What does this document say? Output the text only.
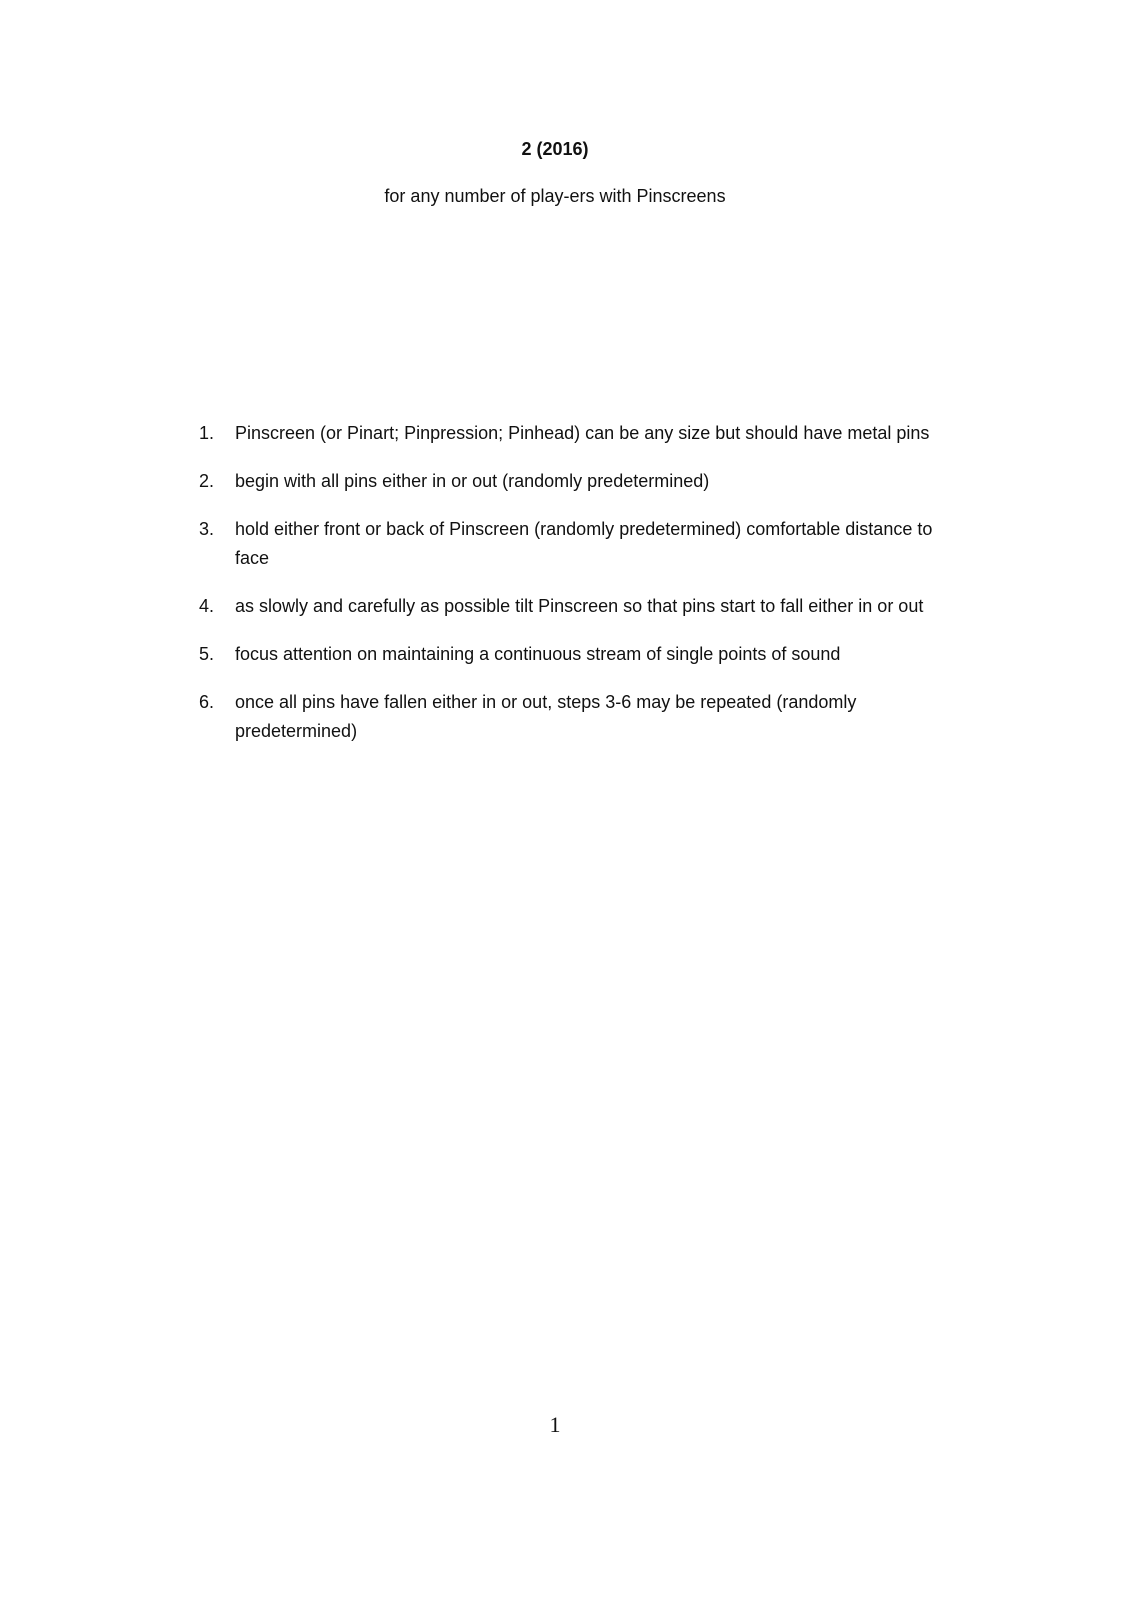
2 (2016)
for any number of play-ers with Pinscreens
1. Pinscreen (or Pinart; Pinpression; Pinhead) can be any size but should have metal pins
2. begin with all pins either in or out (randomly predetermined)
3. hold either front or back of Pinscreen (randomly predetermined) comfortable distance to face
4. as slowly and carefully as possible tilt Pinscreen so that pins start to fall either in or out
5. focus attention on maintaining a continuous stream of single points of sound
6. once all pins have fallen either in or out, steps 3-6 may be repeated (randomly predetermined)
1
